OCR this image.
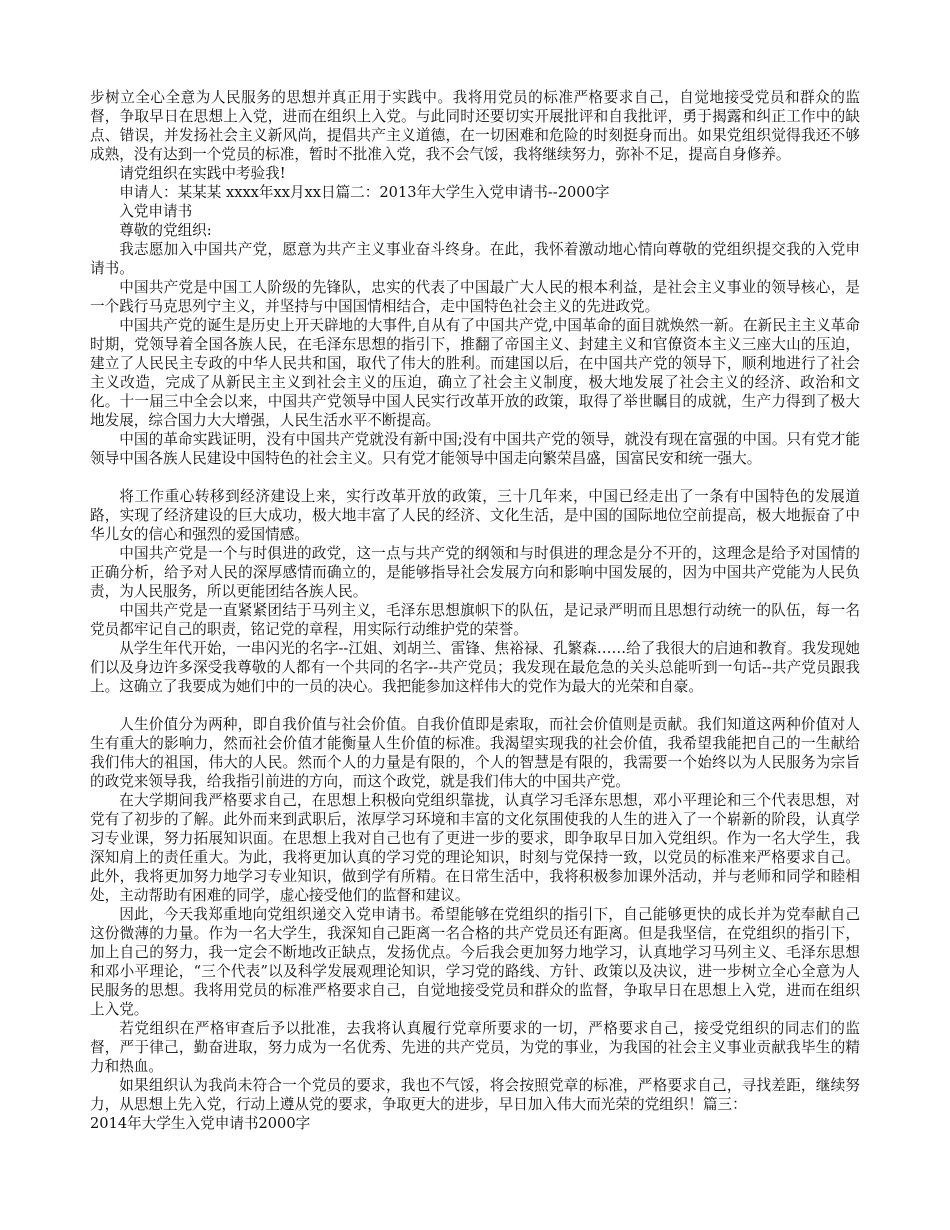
步树立全心全意为人民服务的思想并真正用于实践中。我将用党员的标准严格要求自己，自觉地接受党员和群众的监督，争取早日在思想上入党，进而在组织上入党。与此同时还要切实开展批评和自我批评，勇于揭露和纠正工作中的缺点、错误，并发扬社会主义新风尚，提倡共产主义道德，在一切困难和危险的时刻挺身而出。如果党组织觉得我还不够成熟，没有达到一个党员的标准，暂时不批准入党，我不会气馁，我将继续努力，弥补不足，提高自身修养。

请党组织在实践中考验我!

申请人：某某某 xxxx年xx月xx日篇二：2013年大学生入党申请书--2000字

入党申请书

尊敬的党组织:

我志愿加入中国共产党，愿意为共产主义事业奋斗终身。在此，我怀着激动地心情向尊敬的党组织提交我的入党申请书。

中国共产党是中国工人阶级的先锋队，忠实的代表了中国最广大人民的根本利益，是社会主义事业的领导核心，是一个践行马克思列宁主义，并坚持与中国国情相结合，走中国特色社会主义的先进政党。

中国共产党的诞生是历史上开天辟地的大事件,自从有了中国共产党,中国革命的面目就焕然一新。在新民主主义革命时期，党领导着全国各族人民，在毛泽东思想的指引下，推翻了帝国主义、封建主义和官僚资本主义三座大山的压迫，建立了人民民主专政的中华人民共和国，取代了伟大的胜利。而建国以后，在中国共产党的领导下，顺利地进行了社会主义改造，完成了从新民主主义到社会主义的压迫，确立了社会主义制度，极大地发展了社会主义的经济、政治和文化。十一届三中全会以来，中国共产党领导中国人民实行改革开放的政策，取得了举世瞩目的成就，生产力得到了极大地发展，综合国力大大增强，人民生活水平不断提高。

中国的革命实践证明，没有中国共产党就没有新中国;没有中国共产党的领导，就没有现在富强的中国。只有党才能领导中国各族人民建设中国特色的社会主义。只有党才能领导中国走向繁荣昌盛，国富民安和统一强大。

将工作重心转移到经济建设上来，实行改革开放的政策，三十几年来，中国已经走出了一条有中国特色的发展道路，实现了经济建设的巨大成功，极大地丰富了人民的经济、文化生活，是中国的国际地位空前提高，极大地振奋了中华儿女的信心和强烈的爱国情感。

中国共产党是一个与时俱进的政党，这一点与共产党的纲领和与时俱进的理念是分不开的，这理念是给予对国情的正确分析，给予对人民的深厚感情而确立的，是能够指导社会发展方向和影响中国发展的，因为中国共产党能为人民负责，为人民服务，所以更能团结各族人民。

中国共产党是一直紧紧团结于马列主义，毛泽东思想旗帜下的队伍，是记录严明而且思想行动统一的队伍，每一名党员都牢记自己的职责，铭记党的章程，用实际行动维护党的荣誉。

从学生年代开始，一串闪光的名字--江姐、刘胡兰、雷锋、焦裕禄、孔繁森……给了我很大的启迪和教育。我发现她们以及身边许多深受我尊敬的人都有一个共同的名字--共产党员；我发现在最危急的关头总能听到一句话--共产党员跟我上。这确立了我要成为她们中的一员的决心。我把能参加这样伟大的党作为最大的光荣和自豪。

人生价值分为两种，即自我价值与社会价值。自我价值即是索取，而社会价值则是贡献。我们知道这两种价值对人生有重大的影响力，然而社会价值才能衡量人生价值的标准。我渴望实现我的社会价值，我希望我能把自己的一生献给我们伟大的祖国，伟大的人民。然而个人的力量是有限的，个人的智慧是有限的，我需要一个始终以为人民服务为宗旨的政党来领导我，给我指引前进的方向，而这个政党，就是我们伟大的中国共产党。

在大学期间我严格要求自己，在思想上积极向党组织靠拢，认真学习毛泽东思想，邓小平理论和三个代表思想，对党有了初步的了解。此外而来到武职后，浓厚学习环境和丰富的文化氛围使我的人生的进入了一个崭新的阶段，认真学习专业课，努力拓展知识面。在思想上我对自己也有了更进一步的要求，即争取早日加入党组织。作为一名大学生，我深知肩上的责任重大。为此，我将更加认真的学习党的理论知识，时刻与党保持一致，以党员的标准来严格要求自己。此外，我将更加努力地学习专业知识，做到学有所精。在日常生活中，我将积极参加课外活动，并与老师和同学和睦相处，主动帮助有困难的同学，虚心接受他们的监督和建议。

因此，今天我郑重地向党组织递交入党申请书。希望能够在党组织的指引下，自己能够更快的成长并为党奉献自己这份微薄的力量。作为一名大学生，我深知自己距离一名合格的共产党员还有距离。但是我坚信，在党组织的指引下，加上自己的努力，我一定会不断地改正缺点，发扬优点。今后我会更加努力地学习，认真地学习马列主义、毛泽东思想和邓小平理论，“三个代表”以及科学发展观理论知识，学习党的路线、方针、政策以及决议，进一步树立全心全意为人民服务的思想。我将用党员的标准严格要求自己，自觉地接受党员和群众的监督，争取早日在思想上入党，进而在组织上入党。

若党组织在严格审查后予以批准，去我将认真履行党章所要求的一切，严格要求自己，接受党组织的同志们的监督，严于律己，勤奋进取，努力成为一名优秀、先进的共产党员，为党的事业，为我国的社会主义事业贡献我毕生的精力和热血。

如果组织认为我尚未符合一个党员的要求，我也不气馁，将会按照党章的标准，严格要求自己，寻找差距，继续努力，从思想上先入党，行动上遵从党的要求，争取更大的进步，早日加入伟大而光荣的党组织！篇三：

2014年大学生入党申请书2000字
